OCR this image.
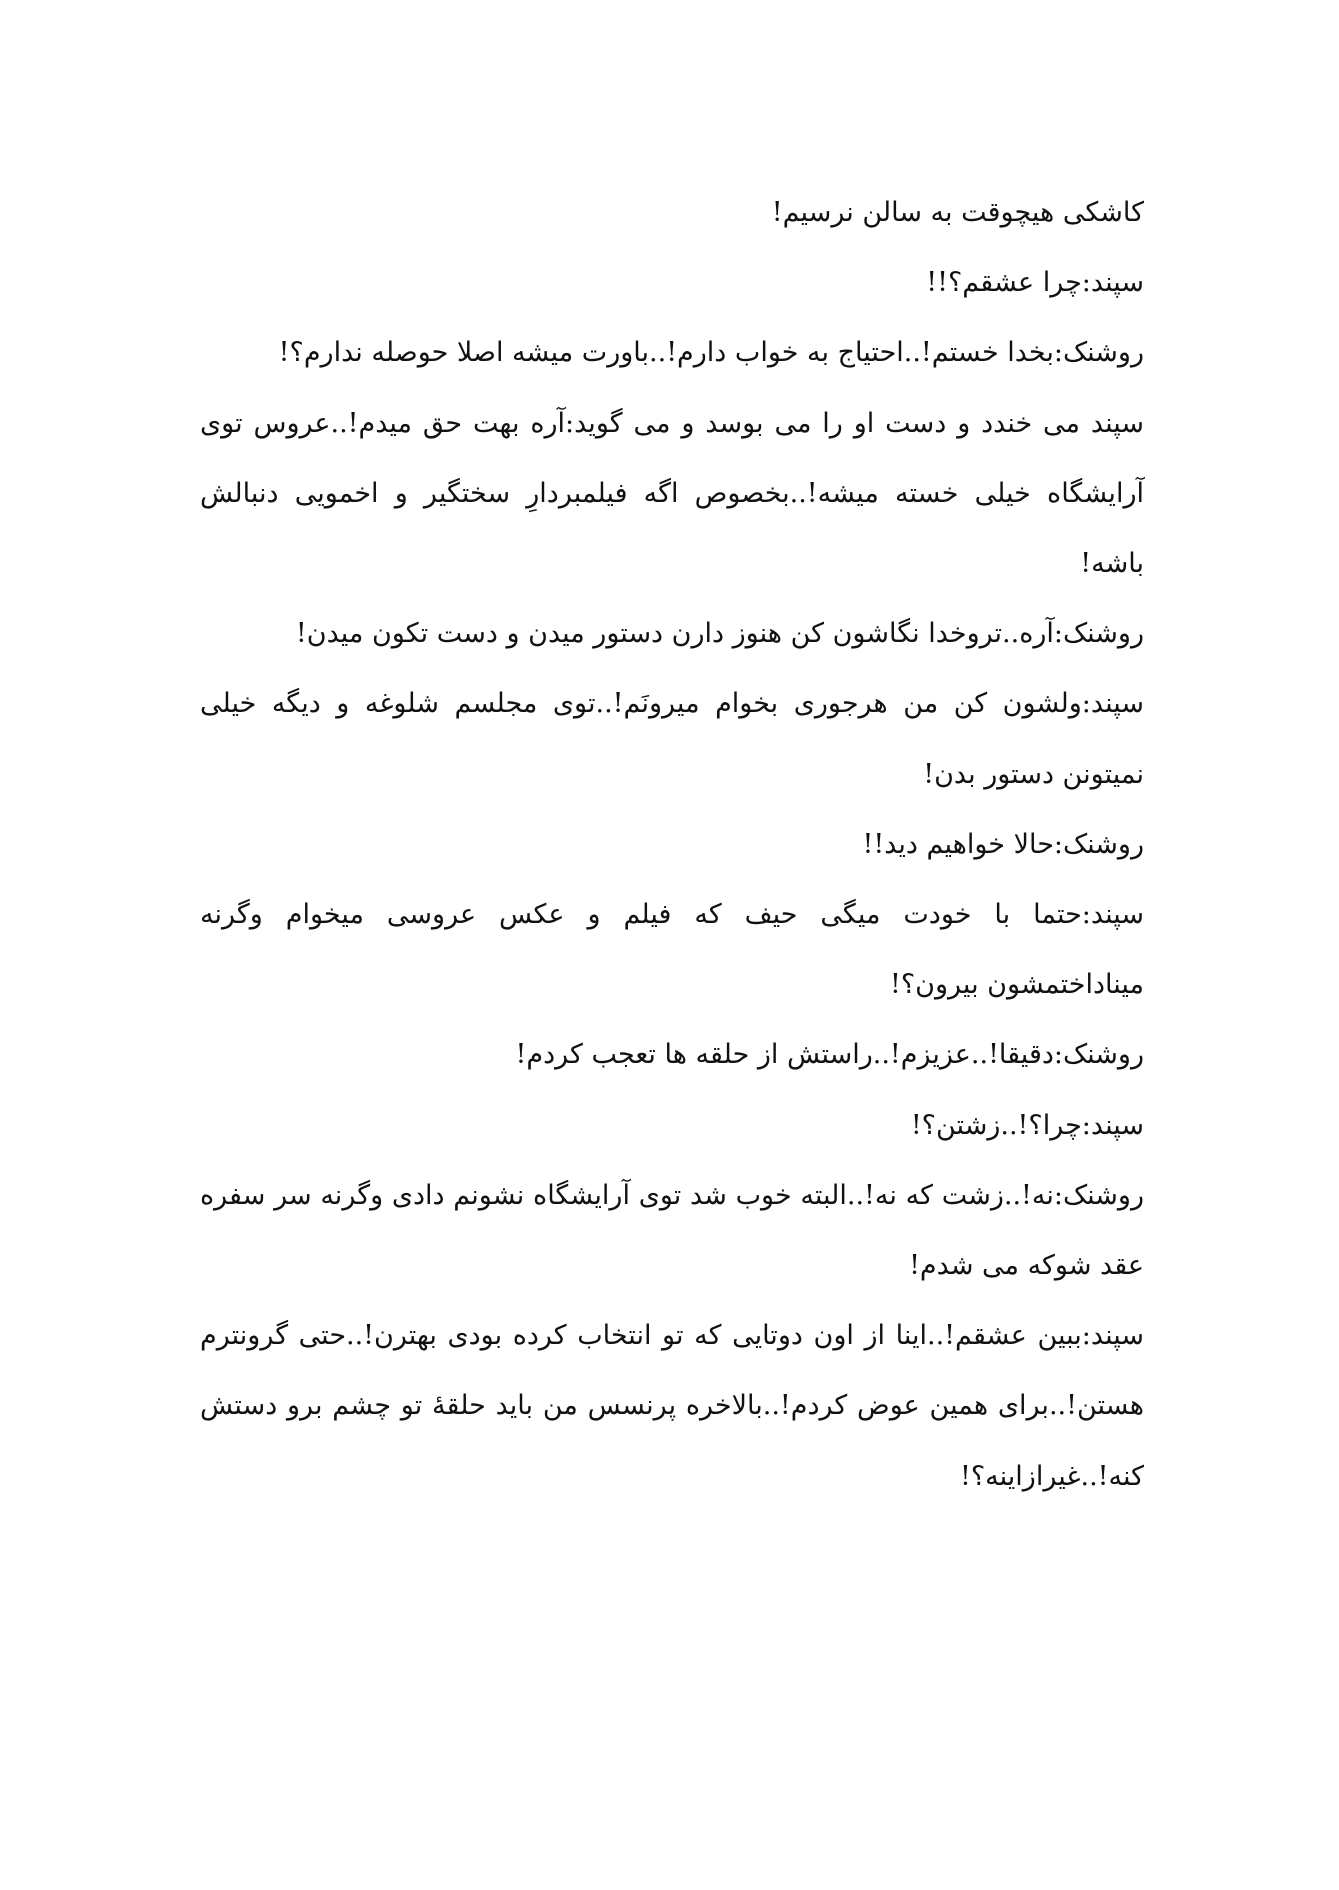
کاشکی هیچوقت به سالن نرسیم!

سپند:چرا عشقم؟!!

روشنک:بخدا خستم!..احتیاج به خواب دارم!..باورت میشه اصلا حوصله ندارم؟!

سپند می خندد و دست او را می بوسد و می گوید:آره بهت حق میدم!..عروس توی آرایشگاه خیلی خسته میشه!..بخصوص اگه فیلمبردارِ سختگیر و اخمویی دنبالش باشه!

روشنک:آره..تروخدا نگاشون کن هنوز دارن دستور میدن و دست تکون میدن!

سپند:ولشون کن من هرجوری بخوام میرونَم!..توی مجلسم شلوغه و دیگه خیلی نمیتونن دستور بدن!

روشنک:حالا خواهیم دید!!

سپند:حتما با خودت میگی حیف که فیلم و عکس عروسی میخوام وگرنه میناداختمشون بیرون؟!

روشنک:دقیقا!..عزیزم!..راستش از حلقه ها تعجب کردم!

سپند:چرا؟!..زشتن؟!

روشنک:نه!..زشت که نه!..البته خوب شد توی آرایشگاه نشونم دادی وگرنه سر سفره عقد شوکه می شدم!

سپند:ببین عشقم!..اینا از اون دوتایی که تو انتخاب کرده بودی بهترن!..حتی گرونترم هستن!..برای همین عوض کردم!..بالاخره پرنسس من باید حلقهٔ تو چشم برو دستش کنه!..غیرازاینه؟!
